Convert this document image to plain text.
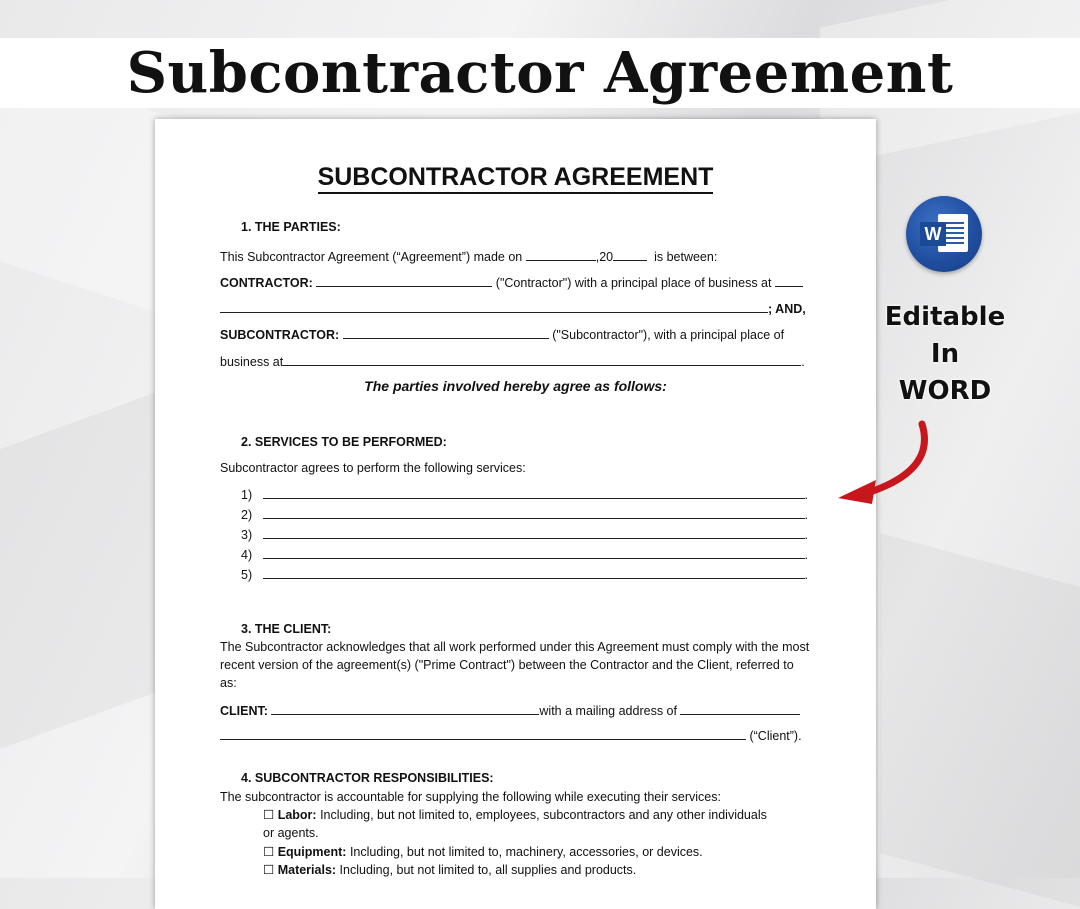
Subcontractor Agreement
SUBCONTRACTOR AGREEMENT
1. THE PARTIES:
This Subcontractor Agreement (“Agreement”) made on	,20	is between:
CONTRACTOR:	("Contractor") with a principal place of business at
; AND,
SUBCONTRACTOR:	("Subcontractor"), with a principal place of
business at	.
The parties involved hereby agree as follows:
2. SERVICES TO BE PERFORMED:
Subcontractor agrees to perform the following services:
1)	.
2)	.
3)	.
4)	.
5)	.
3. THE CLIENT:
The Subcontractor acknowledges that all work performed under this Agreement must comply with the most recent version of the agreement(s) ("Prime Contract") between the Contractor and the Client, referred to as:
CLIENT:	with a mailing address of
(“Client”).
4. SUBCONTRACTOR RESPONSIBILITIES:
The subcontractor is accountable for supplying the following while executing their services:
☐ Labor: Including, but not limited to, employees, subcontractors and any other individuals
or agents.
☐ Equipment: Including, but not limited to, machinery, accessories, or devices.
☐ Materials: Including, but not limited to, all supplies and products.
W
Editable
In
WORD
